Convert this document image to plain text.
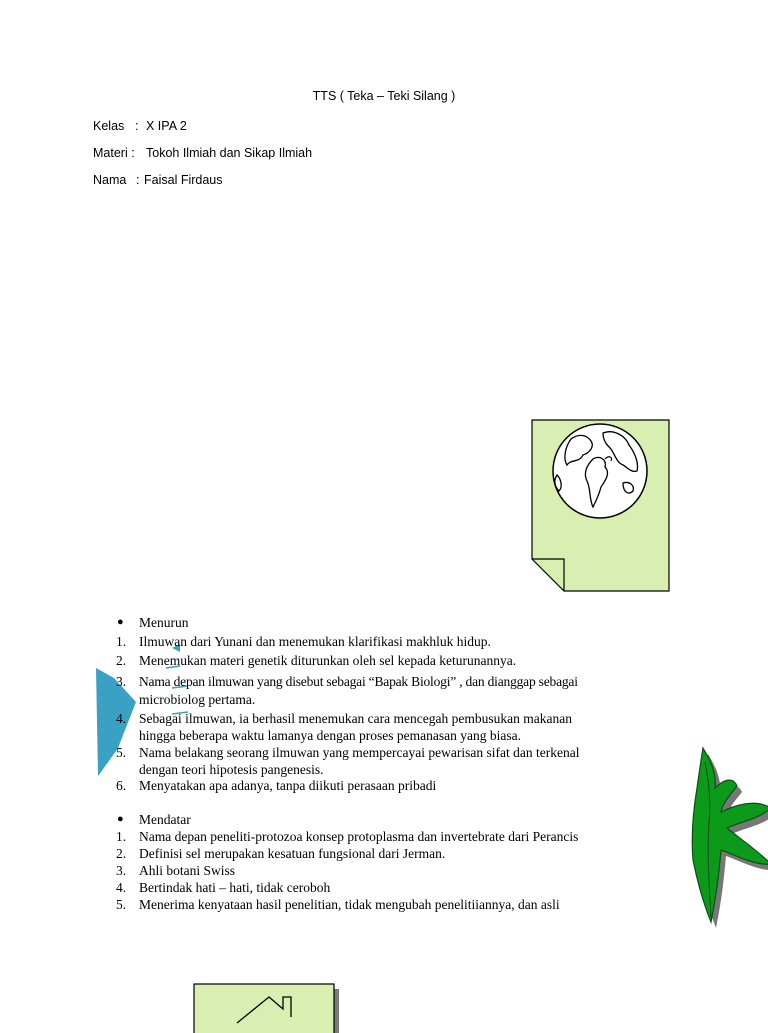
TTS ( Teka – Teki Silang )
Kelas : X IPA 2
Materi : Tokoh Ilmiah dan Sikap Ilmiah
Nama : Faisal Firdaus
● Menurun
1. Ilmuwan dari Yunani dan menemukan klarifikasi makhluk hidup.
2. Menemukan materi genetik diturunkan oleh sel kepada keturunannya.
3. Nama depan ilmuwan yang disebut sebagai “Bapak Biologi” , dan dianggap sebagai
microbiolog pertama.
4. Sebagai ilmuwan, ia berhasil menemukan cara mencegah pembusukan makanan
hingga beberapa waktu lamanya dengan proses pemanasan yang biasa.
5. Nama belakang seorang ilmuwan yang mempercayai pewarisan sifat dan terkenal
dengan teori hipotesis pangenesis.
6. Menyatakan apa adanya, tanpa diikuti perasaan pribadi
● Mendatar
1. Nama depan peneliti-protozoa konsep protoplasma dan invertebrate dari Perancis
2. Definisi sel merupakan kesatuan fungsional dari Jerman.
3. Ahli botani Swiss
4. Bertindak hati – hati, tidak ceroboh
5. Menerima kenyataan hasil penelitian, tidak mengubah penelitiiannya, dan asli
